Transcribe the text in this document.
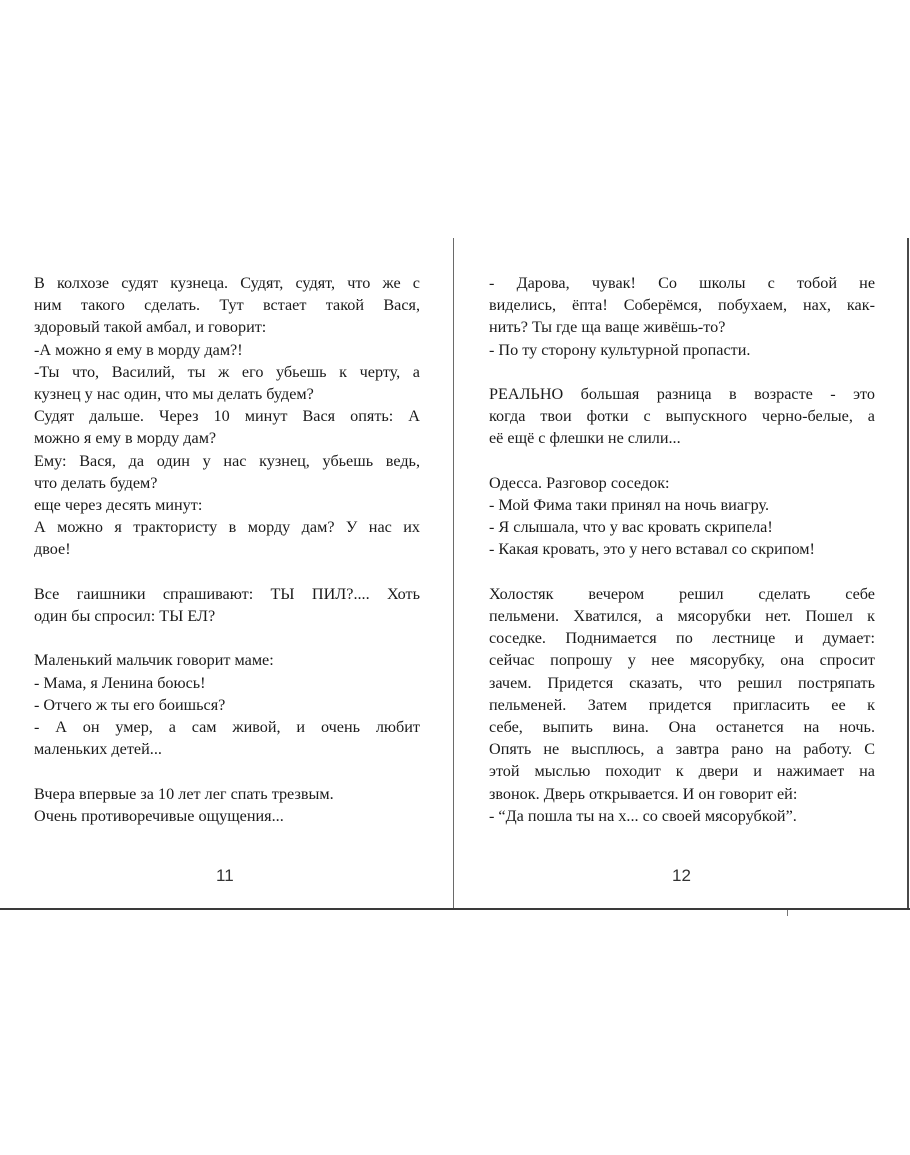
В колхозе судят кузнеца. Судят, судят, что же с
ним такого сделать. Тут встает такой Вася,
здоровый такой амбал, и говорит:
-А можно я ему в морду дам?!
-Ты что, Василий, ты ж его убьешь к черту, а
кузнец у нас один, что мы делать будем?
Судят дальше. Через 10 минут Вася опять: А
можно я ему в морду дам?
Ему: Вася, да один у нас кузнец, убьешь ведь,
что делать будем?
еще через десять минут:
А можно я трактористу в морду дам? У нас их
двое!
Все гаишники спрашивают: ТЫ ПИЛ?.... Хоть
один бы спросил: ТЫ ЕЛ?
Маленький мальчик говорит маме:
- Мама, я Ленина боюсь!
- Отчего ж ты его боишься?
- А он умер, а сам живой, и очень любит
маленьких детей...
Вчера впервые за 10 лет лег спать трезвым.
Очень противоречивые ощущения...
- Дарова, чувак! Со школы с тобой не
виделись, ёпта! Соберёмся, побухаем, нах, как-
нить? Ты где ща ваще живёшь-то?
- По ту сторону культурной пропасти.
РЕАЛЬНО большая разница в возрасте - это
когда твои фотки с выпускного черно-белые, а
её ещё с флешки не слили...
Одесса. Разговор соседок:
- Мой Фима таки принял на ночь виагру.
- Я слышала, что у вас кровать скрипела!
- Какая кровать, это у него вставал со скрипом!
Холостяк вечером решил сделать себе
пельмени. Хватился, а мясорубки нет. Пошел к
соседке. Поднимается по лестнице и думает:
сейчас попрошу у нее мясорубку, она спросит
зачем. Придется сказать, что решил постряпать
пельменей. Затем придется пригласить ее к
себе, выпить вина. Она останется на ночь.
Опять не высплюсь, а завтра рано на работу. С
этой мыслью походит к двери и нажимает на
звонок. Дверь открывается. И он говорит ей:
- “Да пошла ты на х... со своей мясорубкой”.
11	12
